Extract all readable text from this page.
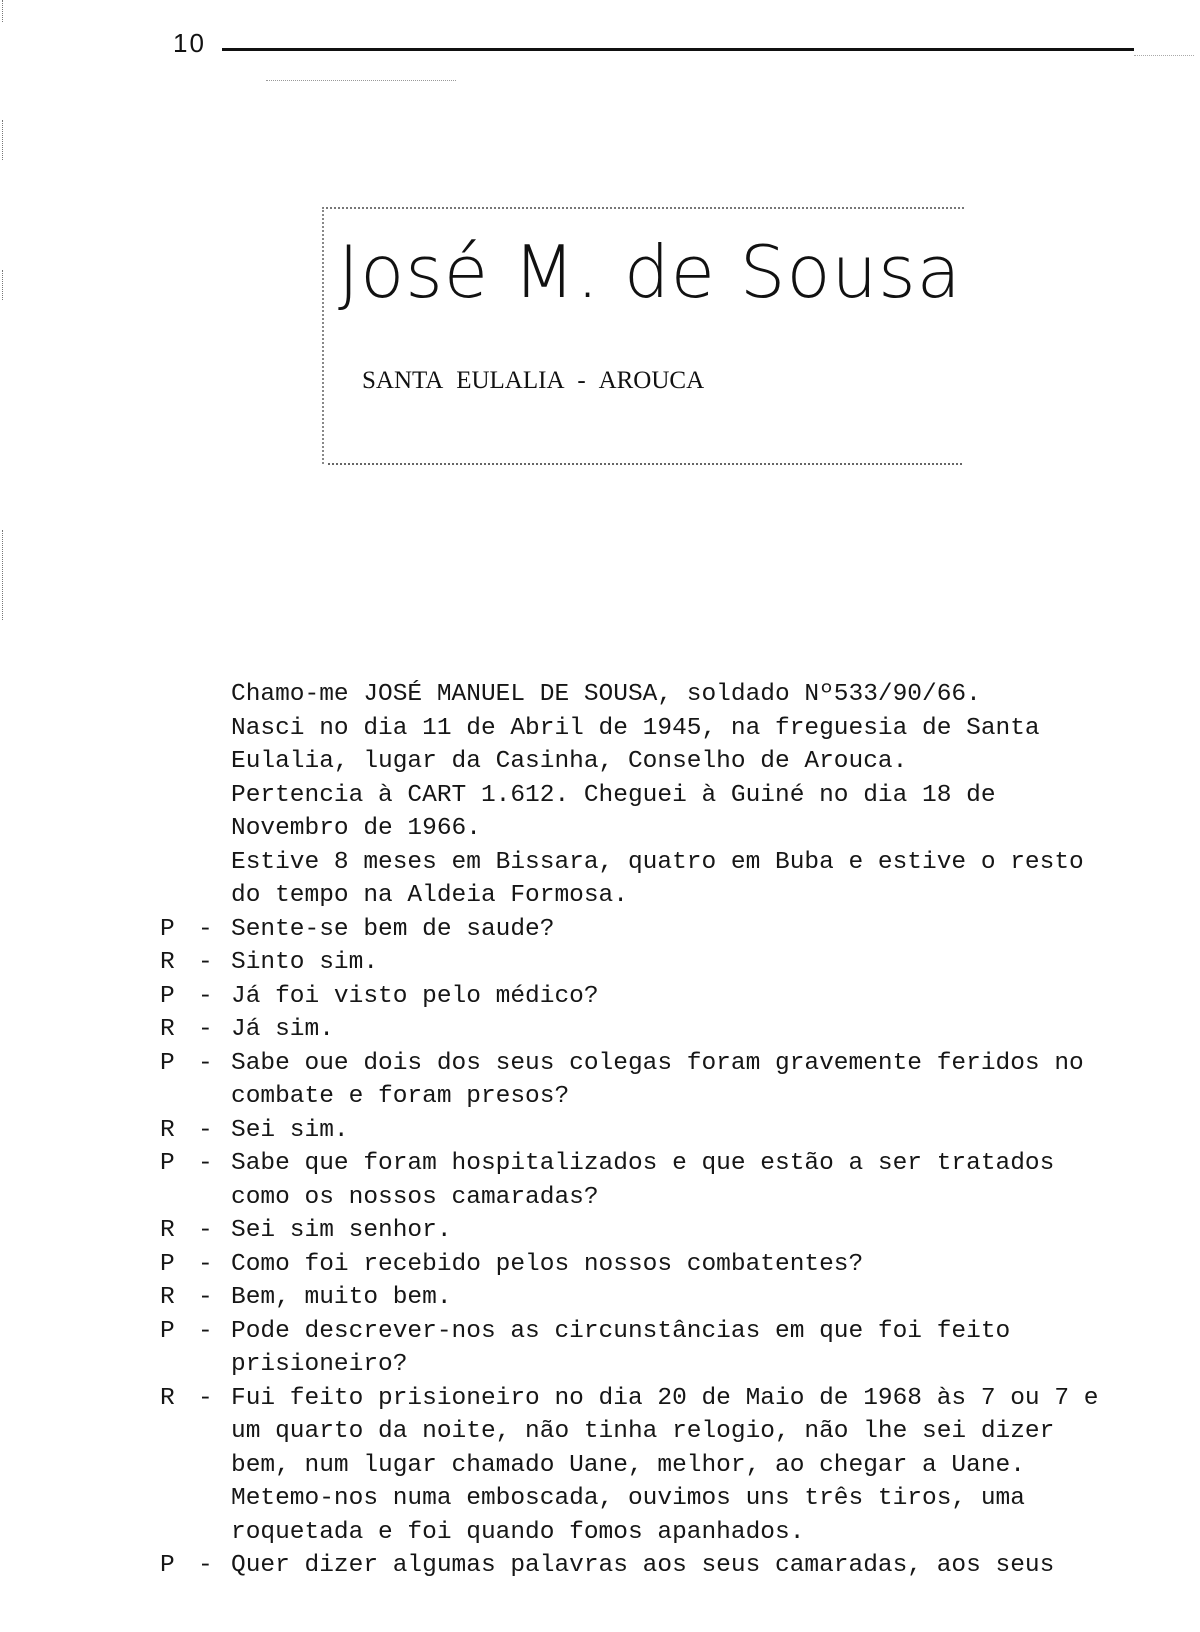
10
José M. de Sousa
SANTA EULALIA - AROUCA

Chamo-me JOSÉ MANUEL DE SOUSA, soldado Nº533/90/66.

Nasci no dia 11 de Abril de 1945, na freguesia de Santa Eulalia, lugar da Casinha, Conselho de Arouca.

Pertencia à CART 1.612. Cheguei à Guiné no dia 18 de Novembro de 1966.

Estive 8 meses em Bissara, quatro em Buba e estive o resto do tempo na Aldeia Formosa.

P - Sente-se bem de saude?
R - Sinto sim.
P - Já foi visto pelo médico?
R - Já sim.
P - Sabe oue dois dos seus colegas foram gravemente feridos no combate e foram presos?
R - Sei sim.
P - Sabe que foram hospitalizados e que estão a ser tratados como os nossos camaradas?
R - Sei sim senhor.
P - Como foi recebido pelos nossos combatentes?
R - Bem, muito bem.
P - Pode descrever-nos as circunstâncias em que foi feito prisioneiro?
R - Fui feito prisioneiro no dia 20 de Maio de 1968 às 7 ou 7 e um quarto da noite, não tinha relogio, não lhe sei dizer bem, num lugar chamado Uane, melhor, ao chegar a Uane. Metemo-nos numa emboscada, ouvimos uns três tiros, uma roquetada e foi quando fomos apanhados.
P - Quer dizer algumas palavras aos seus camaradas, aos seus
